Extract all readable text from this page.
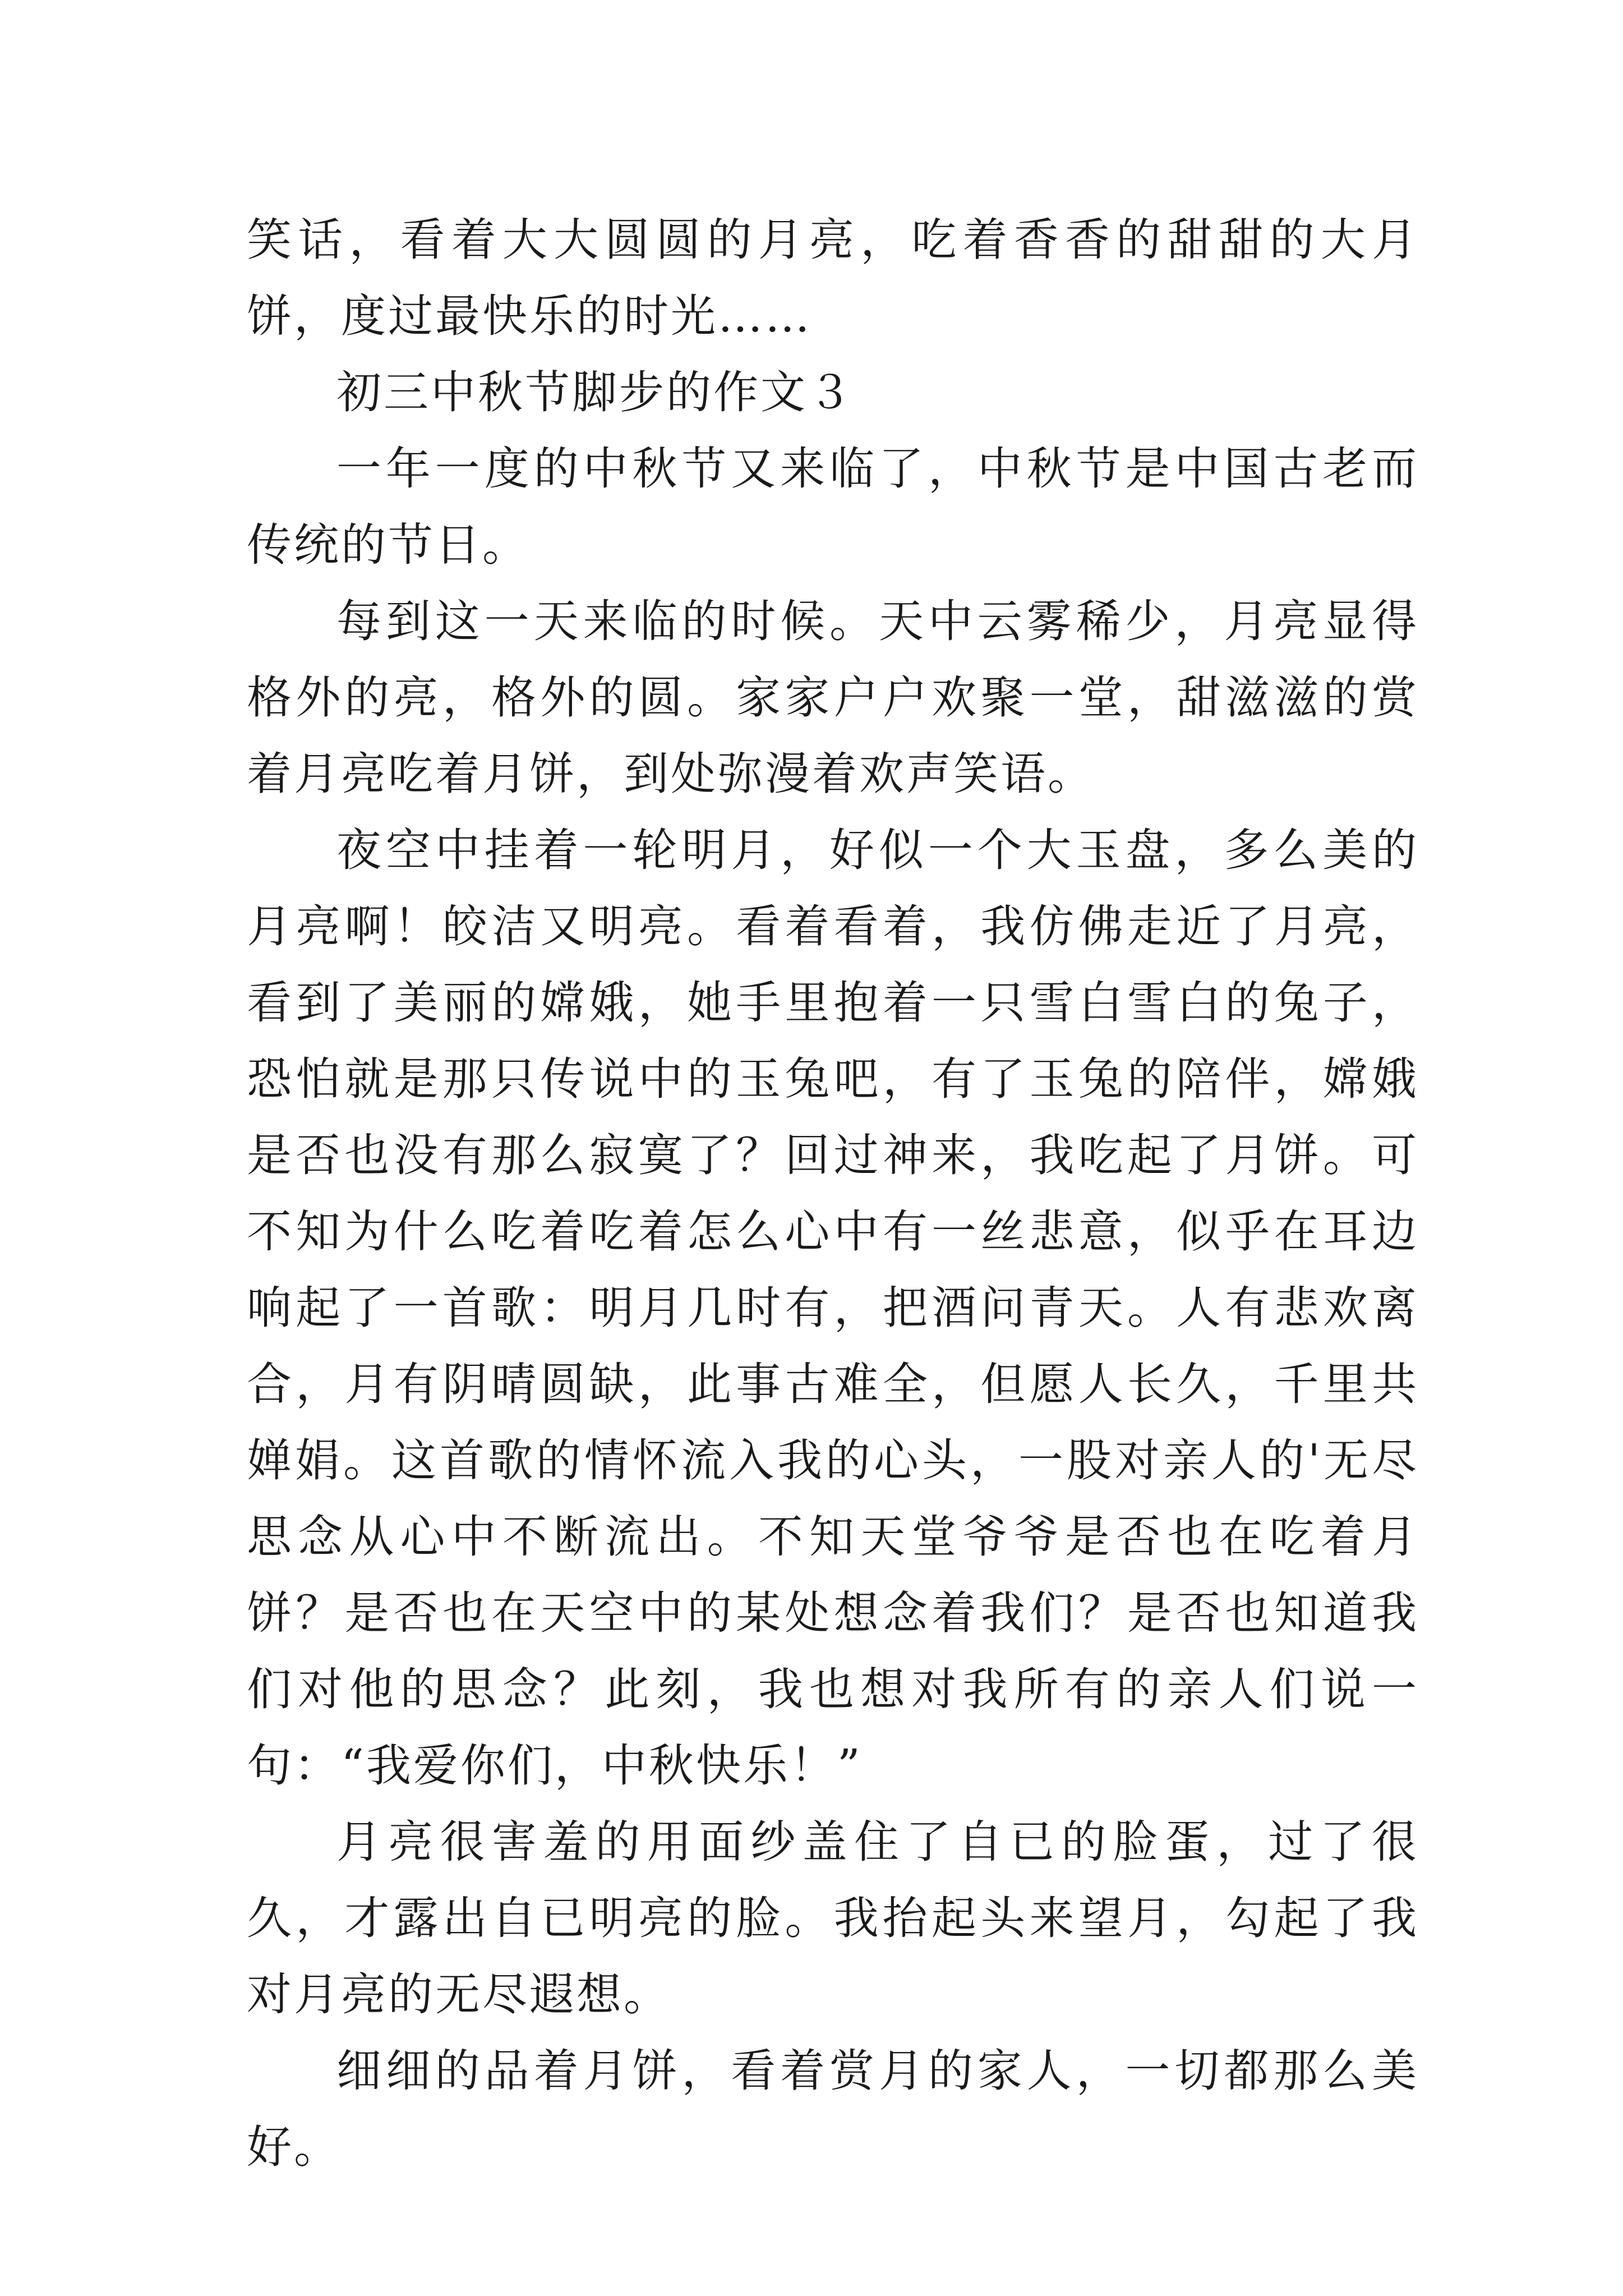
笑话，看着大大圆圆的月亮，吃着香香的甜甜的大月饼，度过最快乐的时光……

初三中秋节脚步的作文３

一年一度的中秋节又来临了，中秋节是中国古老而传统的节日。

每到这一天来临的时候。天中云雾稀少，月亮显得格外的亮，格外的圆。家家户户欢聚一堂，甜滋滋的赏着月亮吃着月饼，到处弥漫着欢声笑语。

夜空中挂着一轮明月，好似一个大玉盘，多么美的月亮啊！皎洁又明亮。看着看着，我仿佛走近了月亮，看到了美丽的嫦娥，她手里抱着一只雪白雪白的兔子，恐怕就是那只传说中的玉兔吧，有了玉兔的陪伴，嫦娥是否也没有那么寂寞了？回过神来，我吃起了月饼。可不知为什么吃着吃着怎么心中有一丝悲意，似乎在耳边响起了一首歌：明月几时有，把酒问青天。人有悲欢离合，月有阴晴圆缺，此事古难全，但愿人长久，千里共婵娟。这首歌的情怀流入我的心头，一股对亲人的'无尽思念从心中不断流出。不知天堂爷爷是否也在吃着月饼？是否也在天空中的某处想念着我们？是否也知道我们对他的思念？此刻，我也想对我所有的亲人们说一句：“我爱你们，中秋快乐！”

月亮很害羞的用面纱盖住了自已的脸蛋，过了很久，才露出自已明亮的脸。我抬起头来望月，勾起了我对月亮的无尽遐想。

细细的品着月饼，看着赏月的家人，一切都那么美好。
